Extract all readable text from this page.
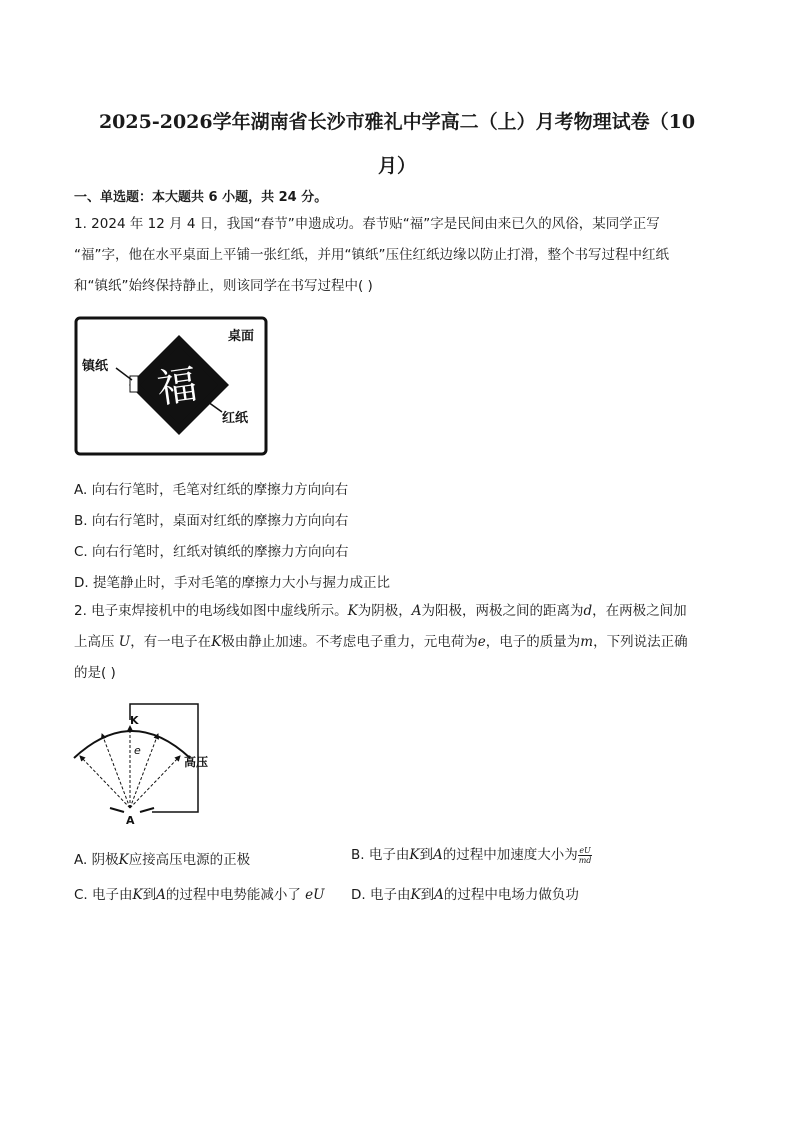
2025-2026学年湖南省长沙市雅礼中学高二（上）月考物理试卷（10
月）
一、单选题：本大题共 6 小题，共 24 分。
1. 2024 年 12 月 4 日，我国“春节”申遗成功。春节贴“福”字是民间由来已久的风俗，某同学正写
“福”字，他在水平桌面上平铺一张红纸，并用“镇纸”压住红纸边缘以防止打滑，整个书写过程中红纸
和“镇纸”始终保持静止，则该同学在书写过程中( )
桌面
福
镇纸
红纸
A. 向右行笔时，毛笔对红纸的摩擦力方向向右
B. 向右行笔时，桌面对红纸的摩擦力方向向右
C. 向右行笔时，红纸对镇纸的摩擦力方向向右
D. 提笔静止时，手对毛笔的摩擦力大小与握力成正比
2. 电子束焊接机中的电场线如图中虚线所示。K为阴极，A为阳极，两极之间的距离为d，在两极之间加
上高压 U，有一电子在K极由静止加速。不考虑电子重力，元电荷为e，电子的质量为m，下列说法正确
的是( )
K
e
高压
A
A. 阴极K应接高压电源的正极	B. 电子由K到A的过程中加速度大小为 $\frac{eU}{md}$
C. 电子由K到A的过程中电势能减小了 eU D. 电子由K到A的过程中电场力做负功
